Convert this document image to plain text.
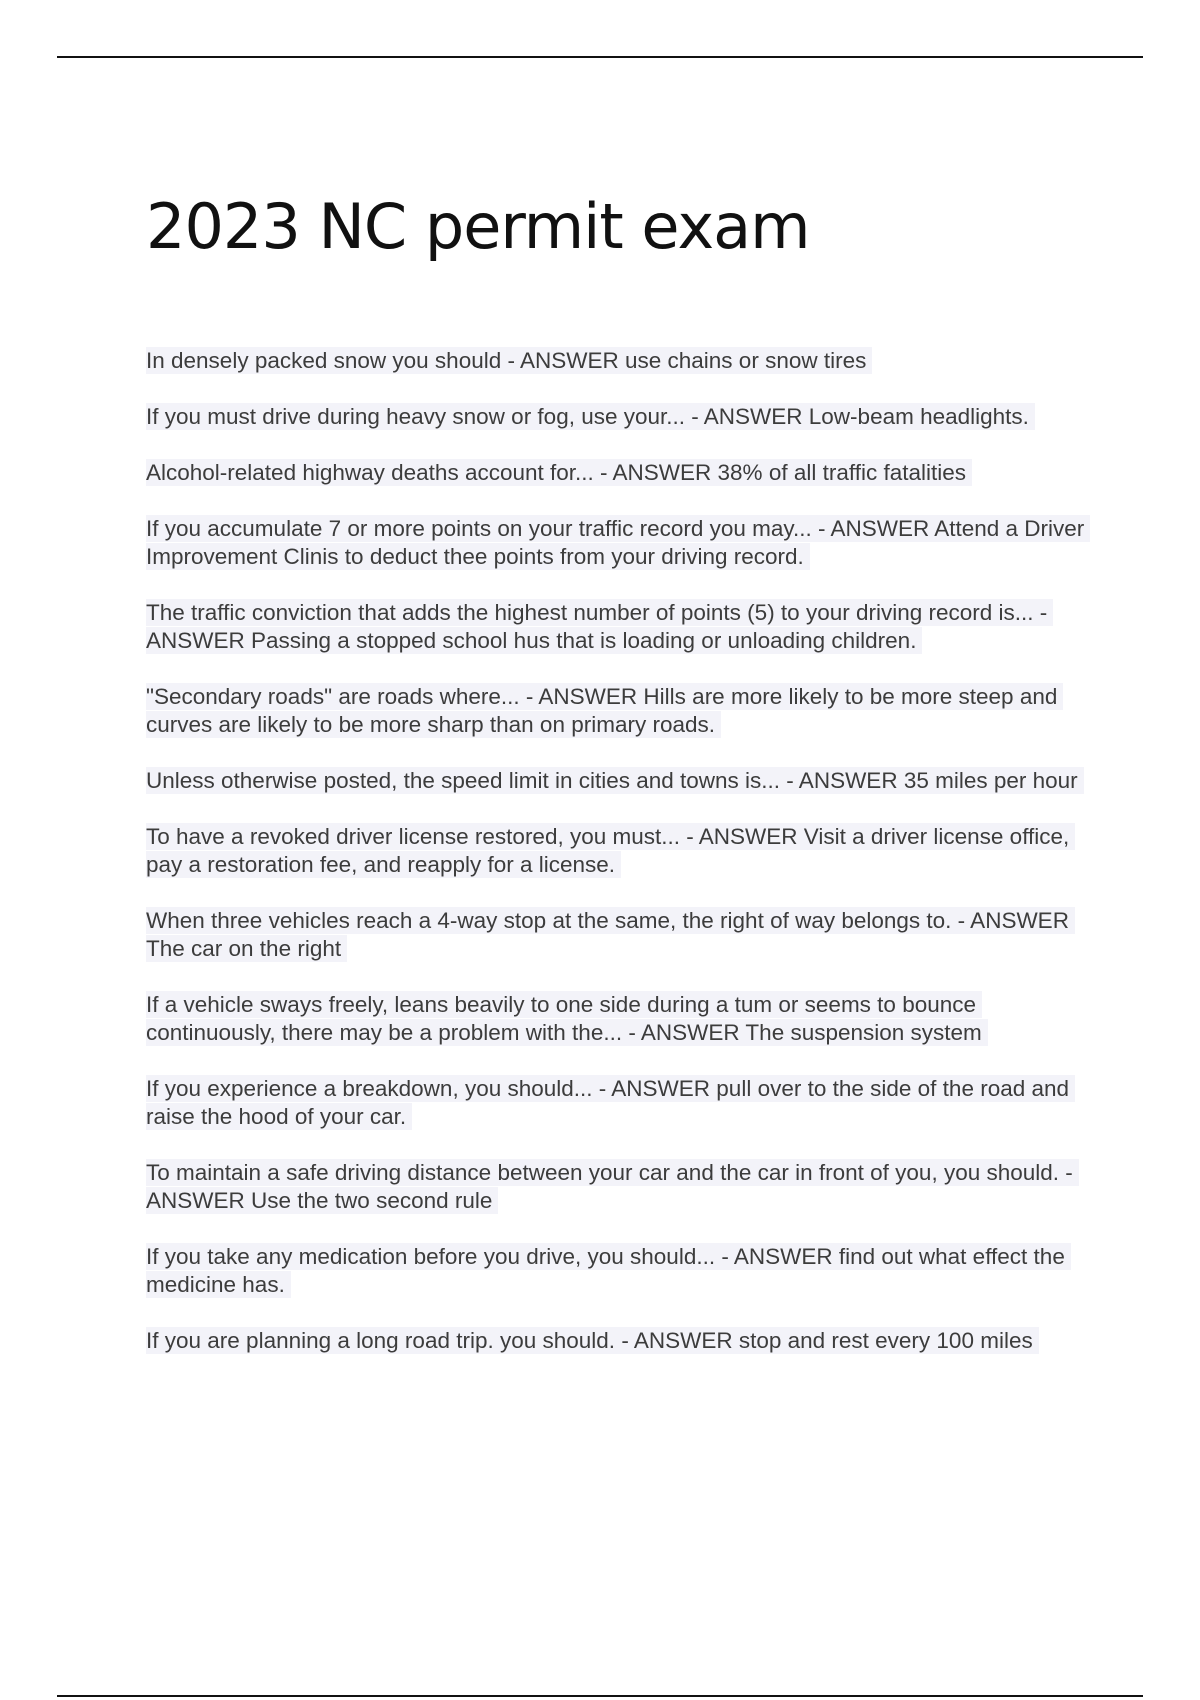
2023 NC permit exam
In densely packed snow you should - ANSWER use chains or snow tires
If you must drive during heavy snow or fog, use your... - ANSWER Low-beam headlights.
Alcohol-related highway deaths account for... - ANSWER 38% of all traffic fatalities
If you accumulate 7 or more points on your traffic record you may... - ANSWER Attend a Driver Improvement Clinis to deduct thee points from your driving record.
The traffic conviction that adds the highest number of points (5) to your driving record is... - ANSWER Passing a stopped school hus that is loading or unloading children.
"Secondary roads" are roads where... - ANSWER Hills are more likely to be more steep and curves are likely to be more sharp than on primary roads.
Unless otherwise posted, the speed limit in cities and towns is... - ANSWER 35 miles per hour
To have a revoked driver license restored, you must... - ANSWER Visit a driver license office, pay a restoration fee, and reapply for a license.
When three vehicles reach a 4-way stop at the same, the right of way belongs to. - ANSWER The car on the right
If a vehicle sways freely, leans beavily to one side during a tum or seems to bounce continuously, there may be a problem with the... - ANSWER The suspension system
If you experience a breakdown, you should... - ANSWER pull over to the side of the road and raise the hood of your car.
To maintain a safe driving distance between your car and the car in front of you, you should. - ANSWER Use the two second rule
If you take any medication before you drive, you should... - ANSWER find out what effect the medicine has.
If you are planning a long road trip. you should. - ANSWER stop and rest every 100 miles
